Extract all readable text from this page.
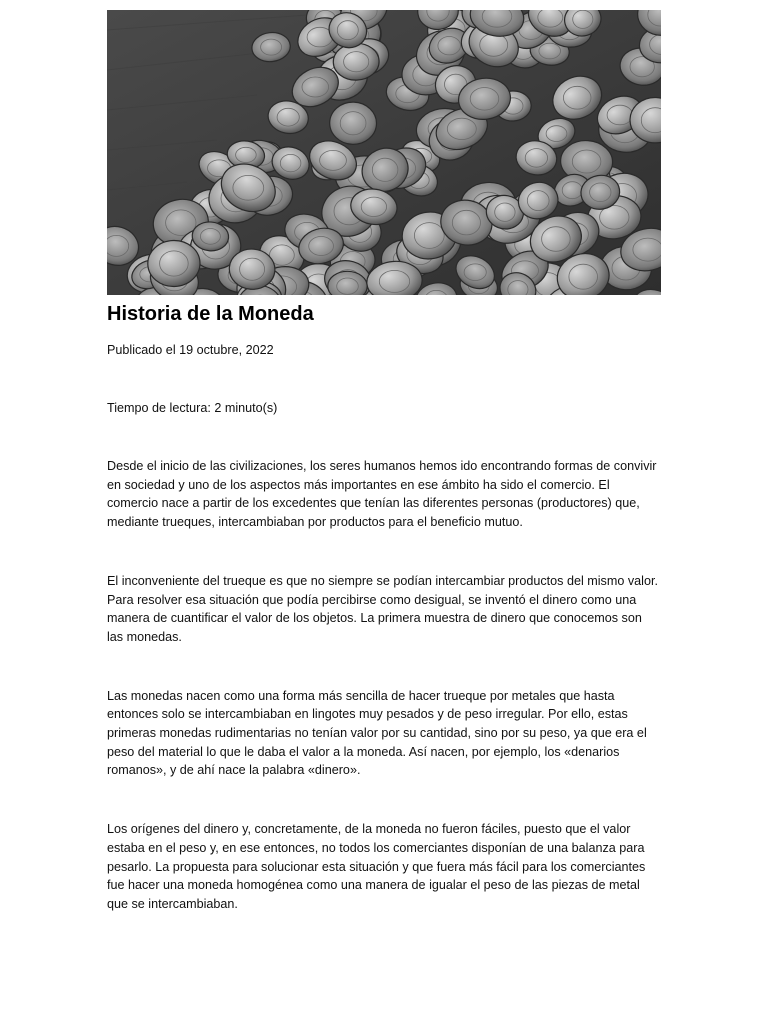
Historia de la Moneda

Publicado el 19 octubre, 2022

Tiempo de lectura: 2 minuto(s)

Desde el inicio de las civilizaciones, los seres humanos hemos ido encontrando formas de convivir en sociedad y uno de los aspectos más importantes en ese ámbito ha sido el comercio. El comercio nace a partir de los excedentes que tenían las diferentes personas (productores) que, mediante trueques, intercambiaban por productos para el beneficio mutuo.

El inconveniente del trueque es que no siempre se podían intercambiar productos del mismo valor. Para resolver esa situación que podía percibirse como desigual, se inventó el dinero como una manera de cuantificar el valor de los objetos. La primera muestra de dinero que conocemos son las monedas.

Las monedas nacen como una forma más sencilla de hacer trueque por metales que hasta entonces solo se intercambiaban en lingotes muy pesados y de peso irregular. Por ello, estas primeras monedas rudimentarias no tenían valor por su cantidad, sino por su peso, ya que era el peso del material lo que le daba el valor a la moneda. Así nacen, por ejemplo, los «denarios romanos», y de ahí nace la palabra «dinero».

Los orígenes del dinero y, concretamente, de la moneda no fueron fáciles, puesto que el valor estaba en el peso y, en ese entonces, no todos los comerciantes disponían de una balanza para pesarlo. La propuesta para solucionar esta situación y que fuera más fácil para los comerciantes fue hacer una moneda homogénea como una manera de igualar el peso de las piezas de metal que se intercambiaban.
